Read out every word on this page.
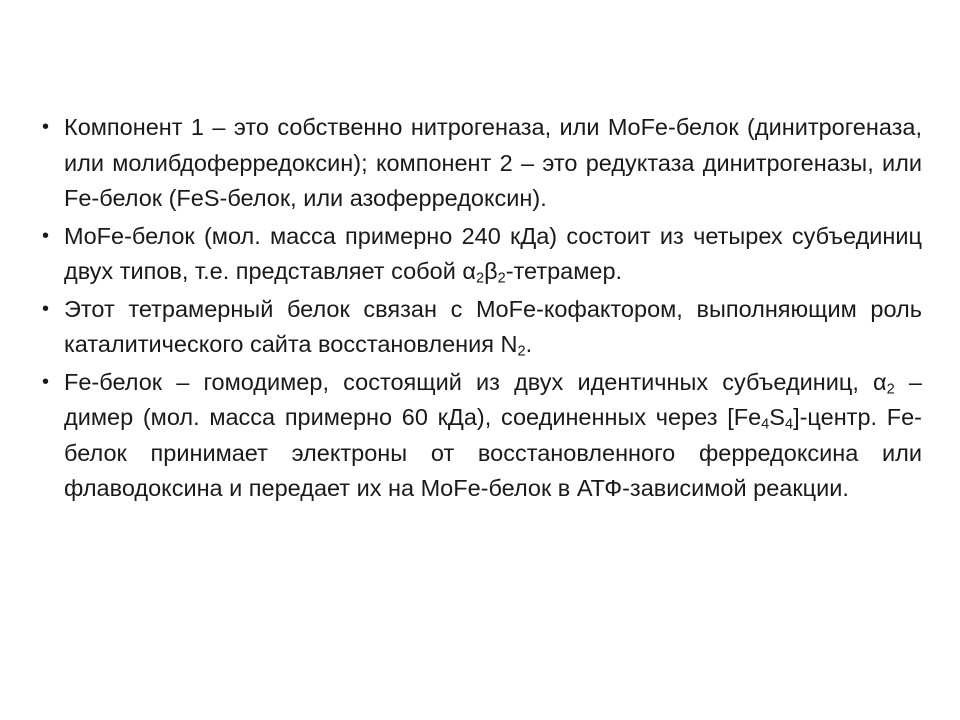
• Компонент 1 – это собственно нитрогеназа, или MoFe-белок (динитрогеназа, или молибдоферредоксин); компонент 2 – это редуктаза динитрогеназы, или Fe-белок (FeS-белок, или азоферредоксин).
• MoFe-белок (мол. масса примерно 240 кДа) состоит из четырех субъединиц двух типов, т.е. представляет собой $\alpha_2\beta_2$-тетрамер.
• Этот тетрамерный белок связан с MoFe-кофактором, выполняющим роль каталитического сайта восстановления $N_2$.
• Fe-белок – гомодимер, состоящий из двух идентичных субъединиц, $\alpha_2$ – димер (мол. масса примерно 60 кДа), соединенных через $[Fe_4S_4]$-центр. Fe-белок принимает электроны от восстановленного ферредоксина или флаводоксина и передает их на MoFe-белок в АТФ-зависимой реакции.
